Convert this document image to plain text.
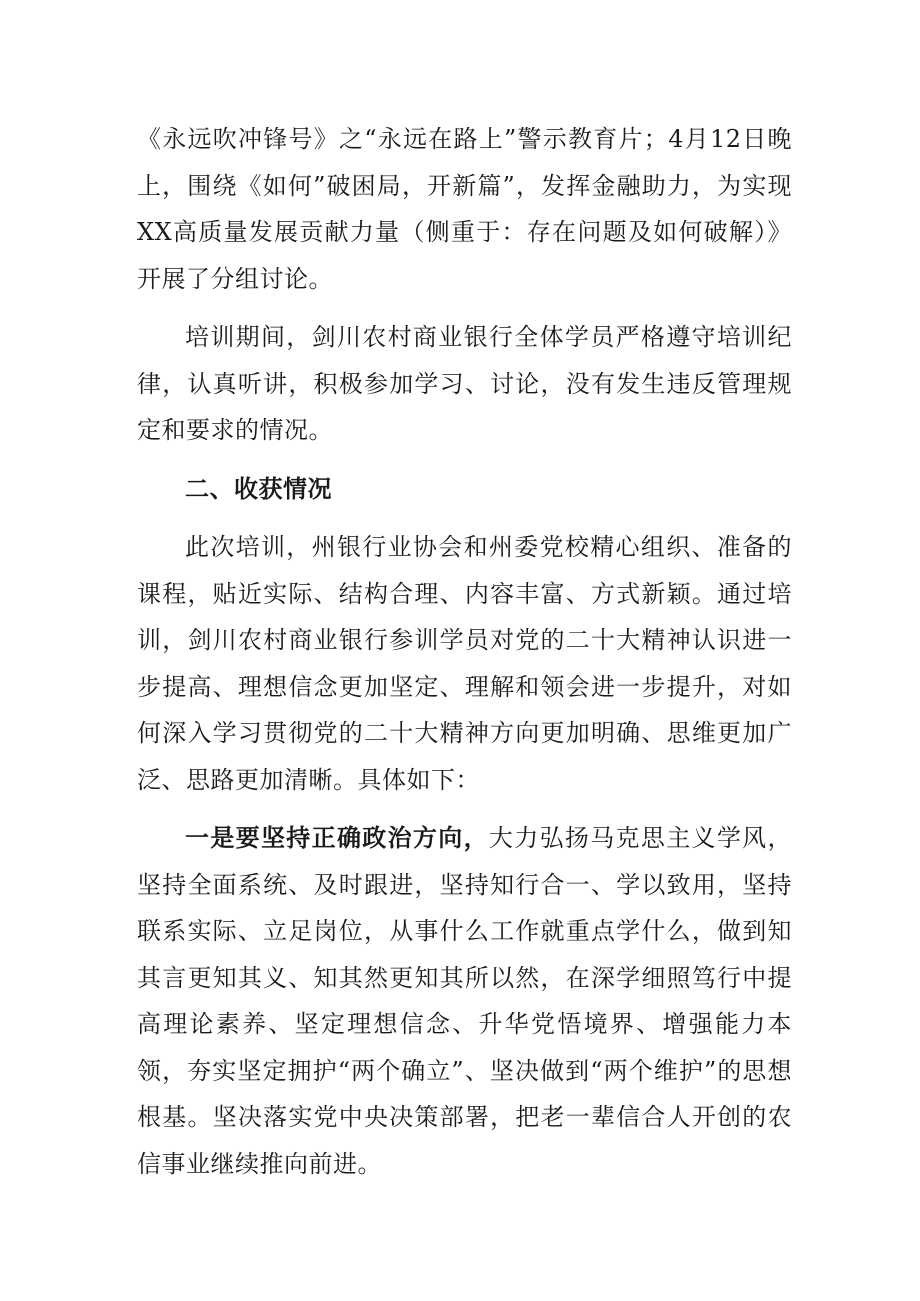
《永远吹冲锋号》之“永远在路上”警示教育片；4月12日晚上，围绕《如何”破困局，开新篇”，发挥金融助力，为实现XX高质量发展贡献力量（侧重于：存在问题及如何破解）》开展了分组讨论。

培训期间，剑川农村商业银行全体学员严格遵守培训纪律，认真听讲，积极参加学习、讨论，没有发生违反管理规定和要求的情况。

二、收获情况

此次培训，州银行业协会和州委党校精心组织、准备的课程，贴近实际、结构合理、内容丰富、方式新颖。通过培训，剑川农村商业银行参训学员对党的二十大精神认识进一步提高、理想信念更加坚定、理解和领会进一步提升，对如何深入学习贯彻党的二十大精神方向更加明确、思维更加广泛、思路更加清晰。具体如下：

一是要坚持正确政治方向，大力弘扬马克思主义学风，坚持全面系统、及时跟进，坚持知行合一、学以致用，坚持联系实际、立足岗位，从事什么工作就重点学什么，做到知其言更知其义、知其然更知其所以然，在深学细照笃行中提高理论素养、坚定理想信念、升华党悟境界、增强能力本领，夯实坚定拥护“两个确立”、坚决做到“两个维护”的思想根基。坚决落实党中央决策部署，把老一辈信合人开创的农信事业继续推向前进。
